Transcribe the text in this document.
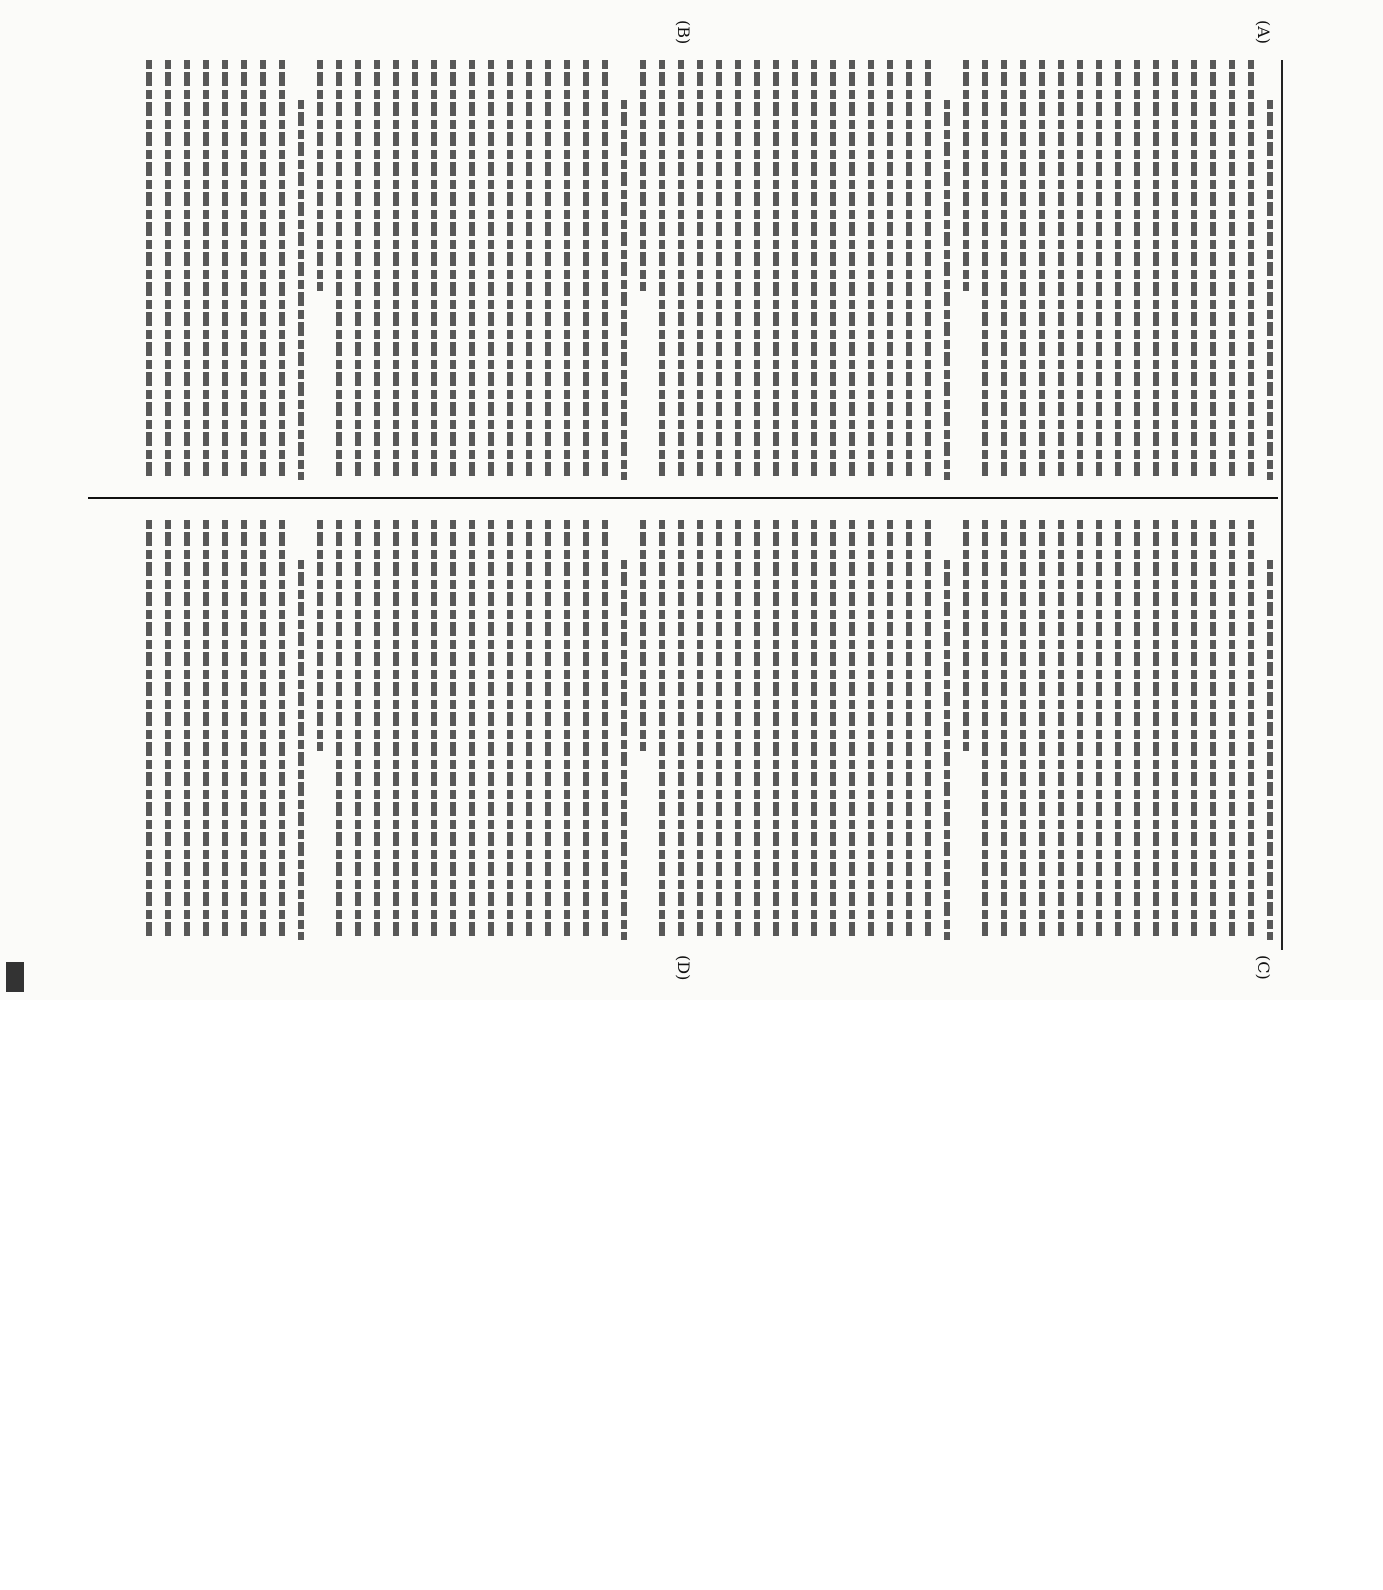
(A)
(B)
(C)
(D)
